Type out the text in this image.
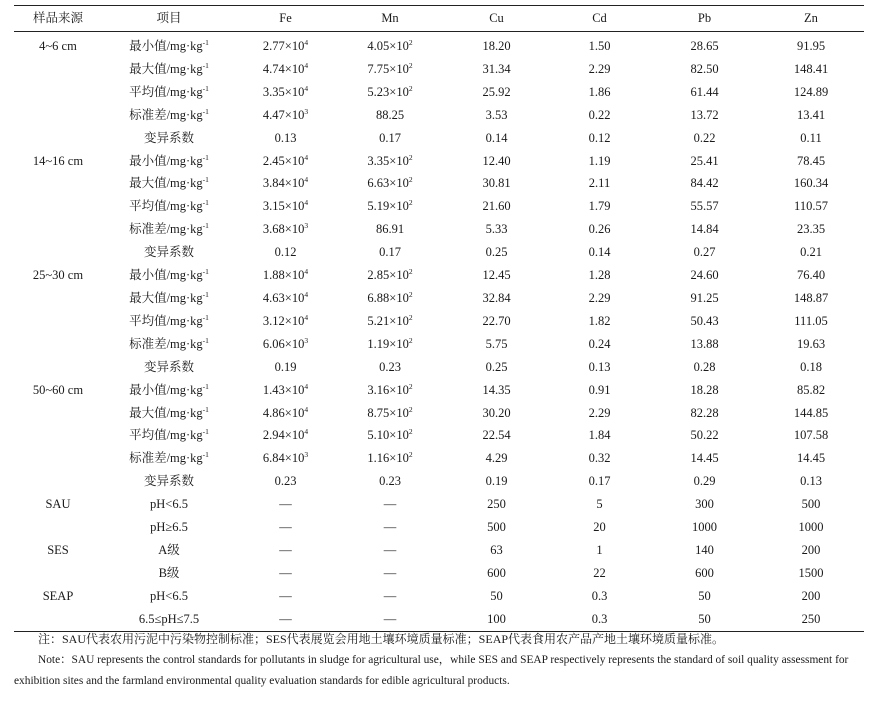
样品来源	项目	Fe	Mn	Cu	Cd	Pb	Zn
4~6 cm	最小值$/mg\cdot kg^{-1}$	$2.77\times 10^4$	$4.05\times 10^2$	18.20	1.50	28.65	91.95
	最大值$/mg\cdot kg^{-1}$	$4.74\times 10^4$	$7.75\times 10^2$	31.34	2.29	82.50	148.41
	平均值$/mg\cdot kg^{-1}$	$3.35\times 10^4$	$5.23\times 10^2$	25.92	1.86	61.44	124.89
	标准差$/mg\cdot kg^{-1}$	$4.47\times 10^3$	88.25	3.53	0.22	13.72	13.41
	变异系数	0.13	0.17	0.14	0.12	0.22	0.11
14~16 cm	最小值$/mg\cdot kg^{-1}$	$2.45\times 10^4$	$3.35\times 10^2$	12.40	1.19	25.41	78.45
	最大值$/mg\cdot kg^{-1}$	$3.84\times 10^4$	$6.63\times 10^2$	30.81	2.11	84.42	160.34
	平均值$/mg\cdot kg^{-1}$	$3.15\times 10^4$	$5.19\times 10^2$	21.60	1.79	55.57	110.57
	标准差$/mg\cdot kg^{-1}$	$3.68\times 10^3$	86.91	5.33	0.26	14.84	23.35
	变异系数	0.12	0.17	0.25	0.14	0.27	0.21
25~30 cm	最小值$/mg\cdot kg^{-1}$	$1.88\times 10^4$	$2.85\times 10^2$	12.45	1.28	24.60	76.40
	最大值$/mg\cdot kg^{-1}$	$4.63\times 10^4$	$6.88\times 10^2$	32.84	2.29	91.25	148.87
	平均值$/mg\cdot kg^{-1}$	$3.12\times 10^4$	$5.21\times 10^2$	22.70	1.82	50.43	111.05
	标准差$/mg\cdot kg^{-1}$	$6.06\times 10^3$	$1.19\times 10^2$	5.75	0.24	13.88	19.63
	变异系数	0.19	0.23	0.25	0.13	0.28	0.18
50~60 cm	最小值$/mg\cdot kg^{-1}$	$1.43\times 10^4$	$3.16\times 10^2$	14.35	0.91	18.28	85.82
	最大值$/mg\cdot kg^{-1}$	$4.86\times 10^4$	$8.75\times 10^2$	30.20	2.29	82.28	144.85
	平均值$/mg\cdot kg^{-1}$	$2.94\times 10^4$	$5.10\times 10^2$	22.54	1.84	50.22	107.58
	标准差$/mg\cdot kg^{-1}$	$6.84\times 10^3$	$1.16\times 10^2$	4.29	0.32	14.45	14.45
	变异系数	0.23	0.23	0.19	0.17	0.29	0.13
SAU	pH<6.5	—	—	250	5	300	500
	pH≥6.5	—	—	500	20	1000	1000
SES	A级	—	—	63	1	140	200
	B级	—	—	600	22	600	1500
SEAP	pH<6.5	—	—	50	0.3	50	200
	6.5≤pH≤7.5	—	—	100	0.3	50	250
注：SAU代表农用污泥中污染物控制标准；SES代表展览会用地土壤环境质量标准；SEAP代表食用农产品产地土壤环境质量标准。
Note：SAU represents the control standards for pollutants in sludge for agricultural use，while SES and SEAP respectively represents the standard of soil quality assessment for exhibition sites and the farmland environmental quality evaluation standards for edible agricultural products.
